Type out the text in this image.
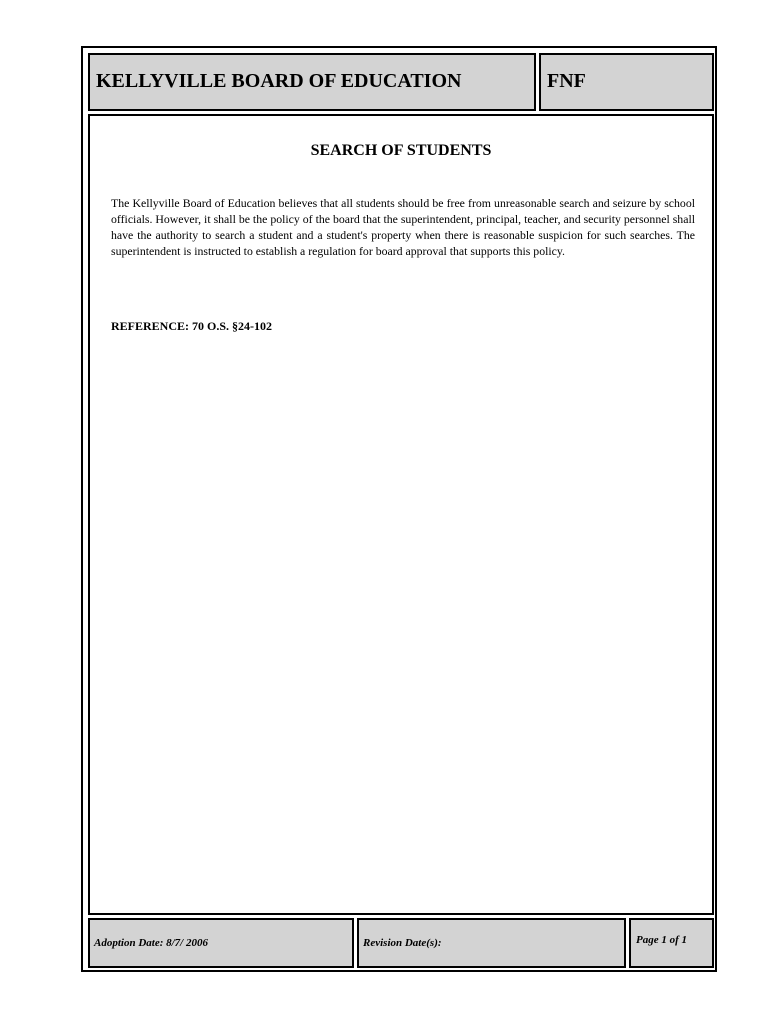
KELLYVILLE BOARD OF EDUCATION	FNF
SEARCH OF STUDENTS
The Kellyville Board of Education believes that all students should be free from unreasonable search and seizure by school officials. However, it shall be the policy of the board that the superintendent, principal, teacher, and security personnel shall have the authority to search a student and a student's property when there is reasonable suspicion for such searches. The superintendent is instructed to establish a regulation for board approval that supports this policy.
REFERENCE: 70 O.S. §24-102
Adoption Date: 8/7/ 2006	Revision Date(s):	Page 1 of 1
